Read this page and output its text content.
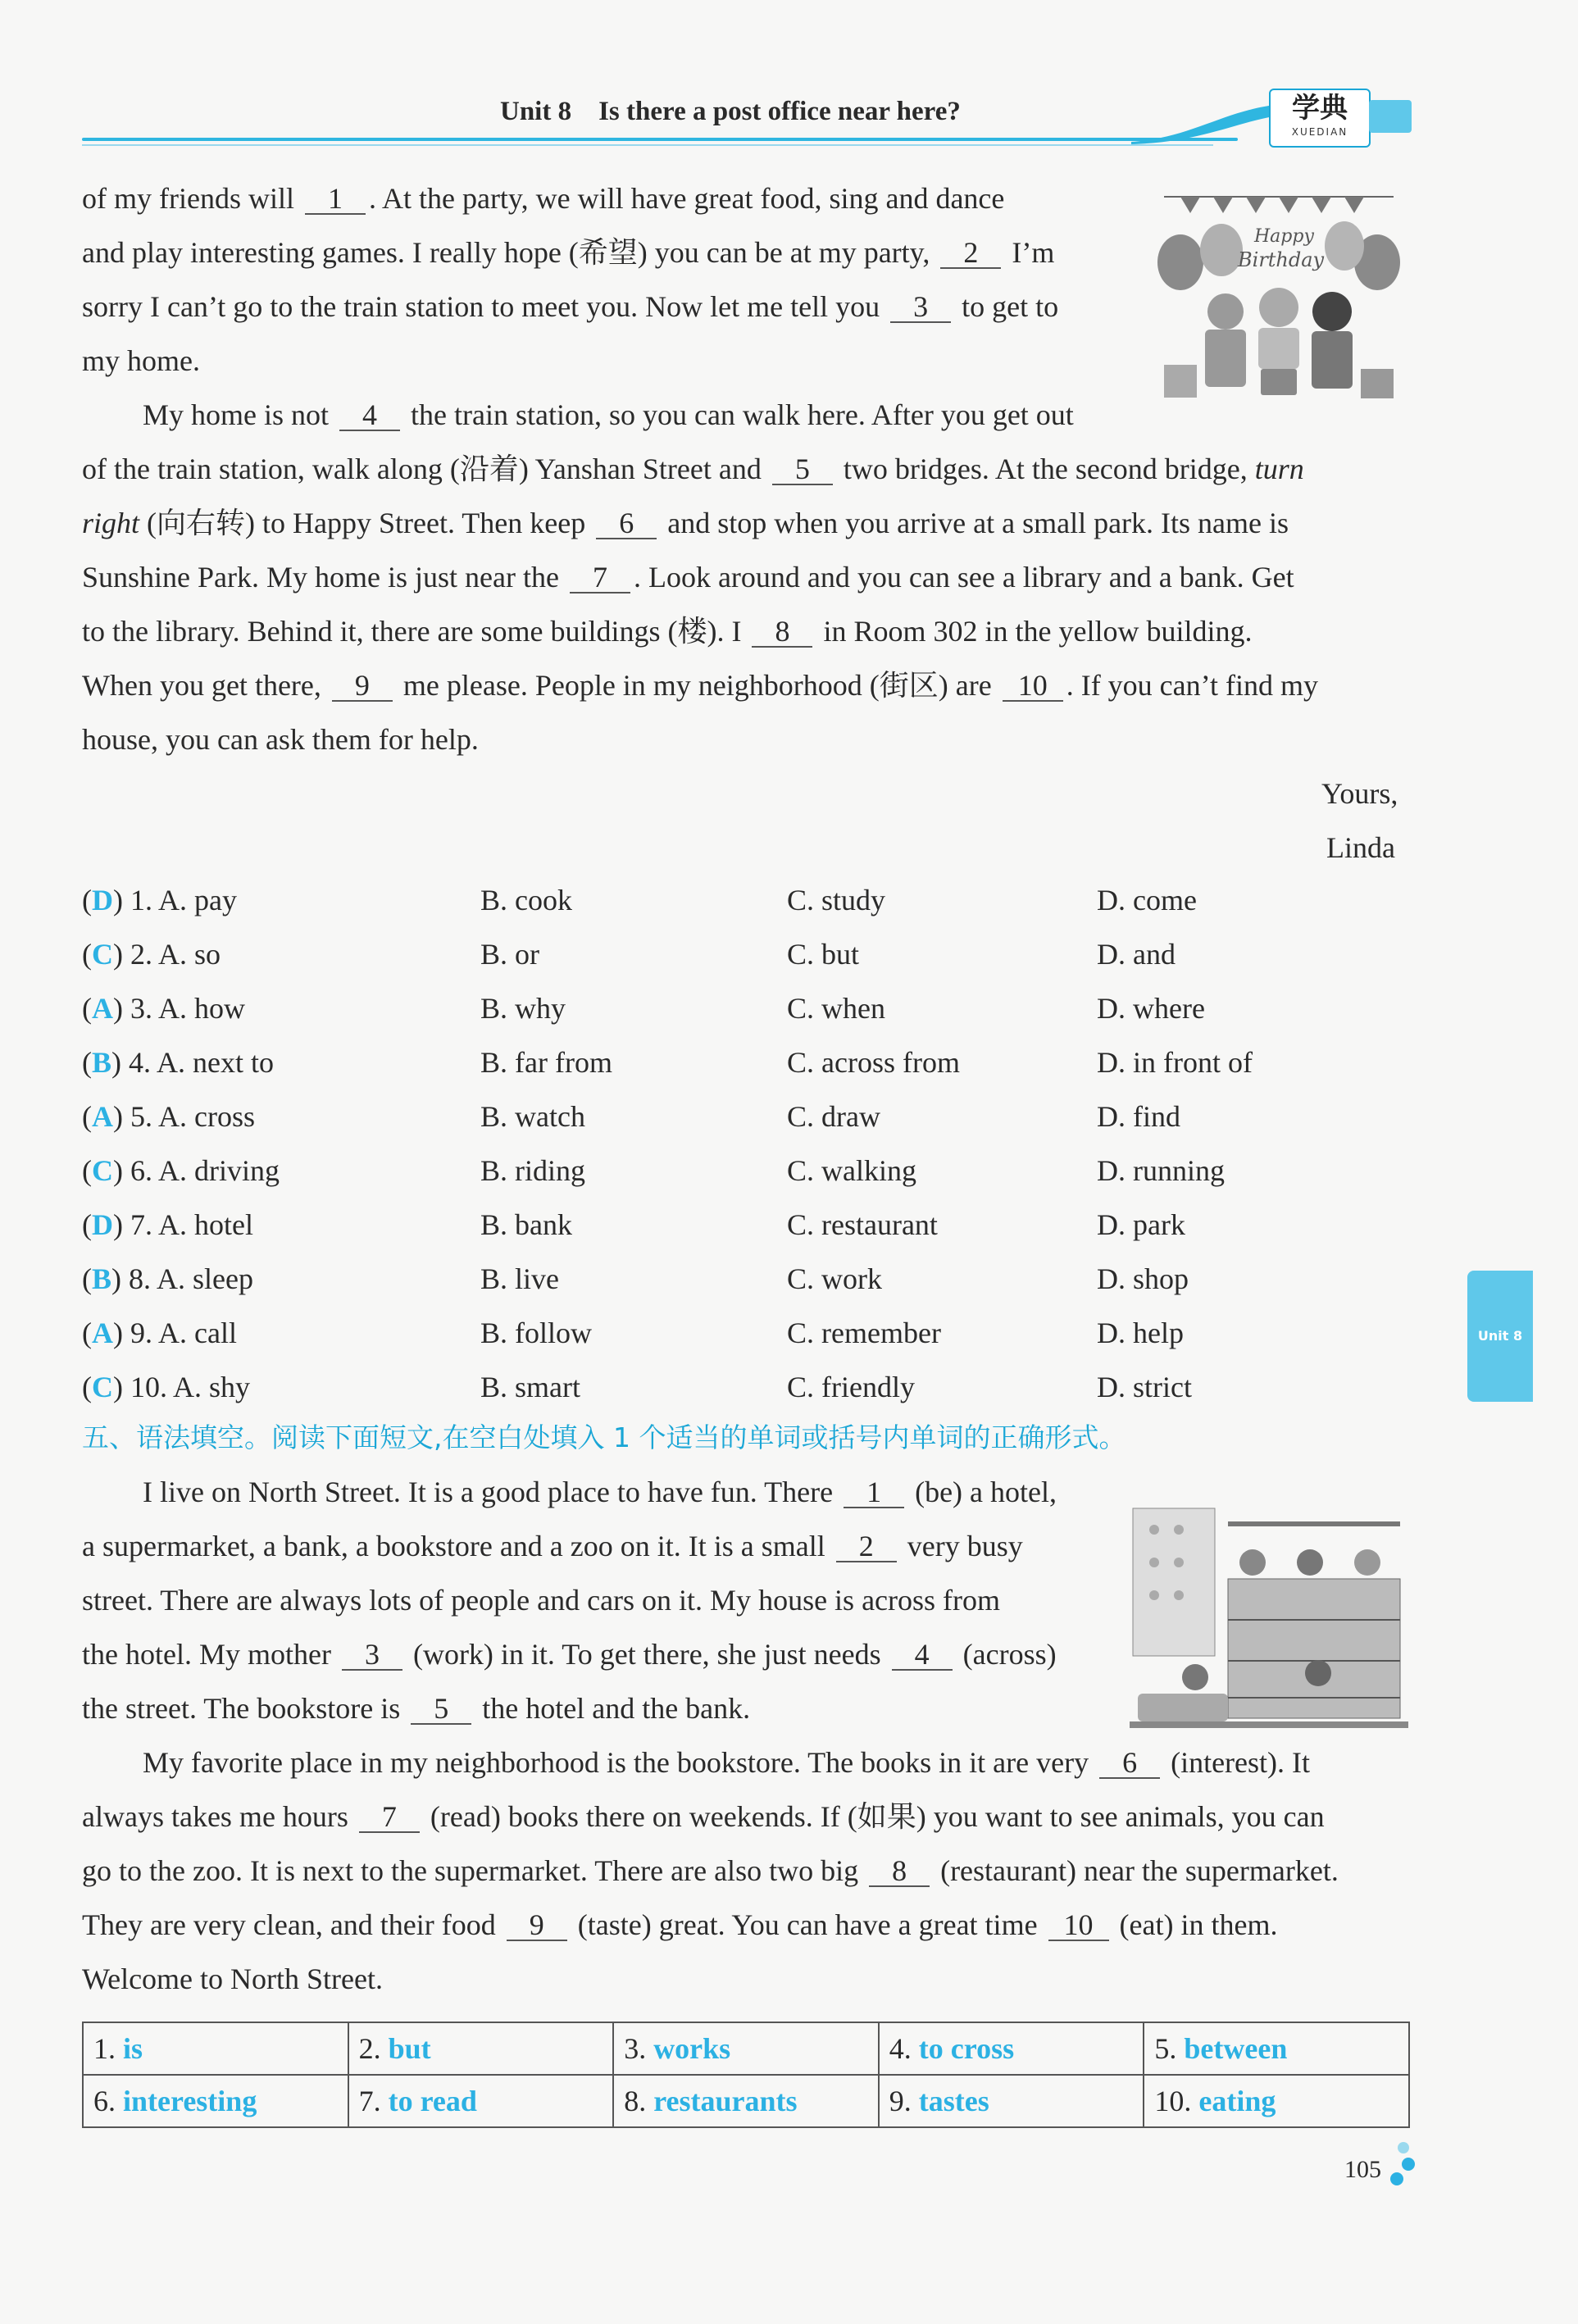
Unit 8    Is there a post office near here?	学典
XUEDIAN
Happy
Birthday
of my friends will 1 . At the party, we will have great food, sing and dance
and play interesting games. I really hope (希望) you can be at my party, 2 I’m
sorry I can’t go to the train station to meet you. Now let me tell you 3 to get to
my home.
My home is not 4 the train station, so you can walk here. After you get out
of the train station, walk along (沿着) Yanshan Street and 5 two bridges. At the second bridge, turn
right (向右转) to Happy Street. Then keep 6 and stop when you arrive at a small park. Its name is
Sunshine Park. My home is just near the 7 . Look around and you can see a library and a bank. Get
to the library. Behind it, there are some buildings (楼). I 8 in Room 302 in the yellow building.
When you get there, 9 me please. People in my neighborhood (街区) are 10 . If you can’t find my
house, you can ask them for help.
Yours,
Linda
(D) 1. A. pay	B. cook	C. study	D. come
(C) 2. A. so	B. or	C. but	D. and
(A) 3. A. how	B. why	C. when	D. where
(B) 4. A. next to	B. far from	C. across from	D. in front of
(A) 5. A. cross	B. watch	C. draw	D. find
(C) 6. A. driving	B. riding	C. walking	D. running
(D) 7. A. hotel	B. bank	C. restaurant	D. park
(B) 8. A. sleep	B. live	C. work	D. shop
(A) 9. A. call	B. follow	C. remember	D. help
(C) 10. A. shy	B. smart	C. friendly	D. strict
五、语法填空。阅读下面短文,在空白处填入 1 个适当的单词或括号内单词的正确形式。
I live on North Street. It is a good place to have fun. There 1 (be) a hotel,
a supermarket, a bank, a bookstore and a zoo on it. It is a small 2 very busy
street. There are always lots of people and cars on it. My house is across from
the hotel. My mother 3 (work) in it. To get there, she just needs 4 (across)
the street. The bookstore is 5 the hotel and the bank.
My favorite place in my neighborhood is the bookstore. The books in it are very 6 (interest). It
always takes me hours 7 (read) books there on weekends. If (如果) you want to see animals, you can
go to the zoo. It is next to the supermarket. There are also two big 8 (restaurant) near the supermarket.
They are very clean, and their food 9 (taste) great. You can have a great time 10 (eat) in them.
Welcome to North Street.
1. is	2. but	3. works	4. to cross	5. between
6. interesting	7. to read	8. restaurants	9. tastes	10. eating
Unit 8
105
